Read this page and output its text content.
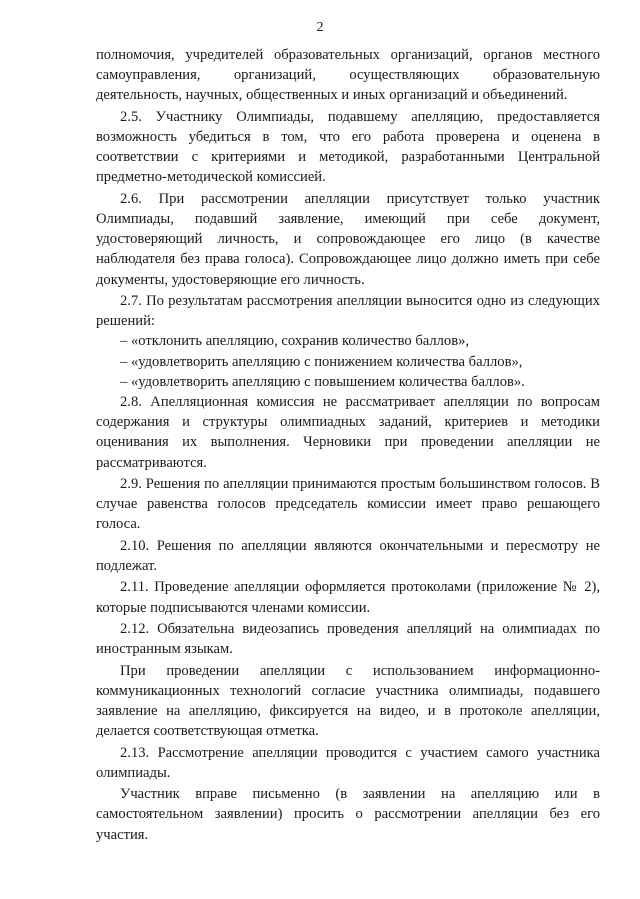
2

полномочия, учредителей образовательных организаций, органов местного самоуправления, организаций, осуществляющих образовательную деятельность, научных, общественных и иных организаций и объединений.

2.5. Участнику Олимпиады, подавшему апелляцию, предоставляется возможность убедиться в том, что его работа проверена и оценена в соответствии с критериями и методикой, разработанными Центральной предметно-методической комиссией.

2.6. При рассмотрении апелляции присутствует только участник Олимпиады, подавший заявление, имеющий при себе документ, удостоверяющий личность, и сопровождающее его лицо (в качестве наблюдателя без права голоса). Сопровождающее лицо должно иметь при себе документы, удостоверяющие его личность.

2.7. По результатам рассмотрения апелляции выносится одно из следующих решений:

– «отклонить апелляцию, сохранив количество баллов»,

– «удовлетворить апелляцию с понижением количества баллов»,

– «удовлетворить апелляцию с повышением количества баллов».

2.8. Апелляционная комиссия не рассматривает апелляции по вопросам содержания и структуры олимпиадных заданий, критериев и методики оценивания их выполнения. Черновики при проведении апелляции не рассматриваются.

2.9. Решения по апелляции принимаются простым большинством голосов. В случае равенства голосов председатель комиссии имеет право решающего голоса.

2.10. Решения по апелляции являются окончательными и пересмотру не подлежат.

2.11. Проведение апелляции оформляется протоколами (приложение № 2), которые подписываются членами комиссии.

2.12. Обязательна видеозапись проведения апелляций на олимпиадах по иностранным языкам.

При проведении апелляции с использованием информационно-коммуникационных технологий согласие участника олимпиады, подавшего заявление на апелляцию, фиксируется на видео, и в протоколе апелляции, делается соответствующая отметка.

2.13. Рассмотрение апелляции проводится с участием самого участника олимпиады.

Участник вправе письменно (в заявлении на апелляцию или в самостоятельном заявлении) просить о рассмотрении апелляции без его участия.
